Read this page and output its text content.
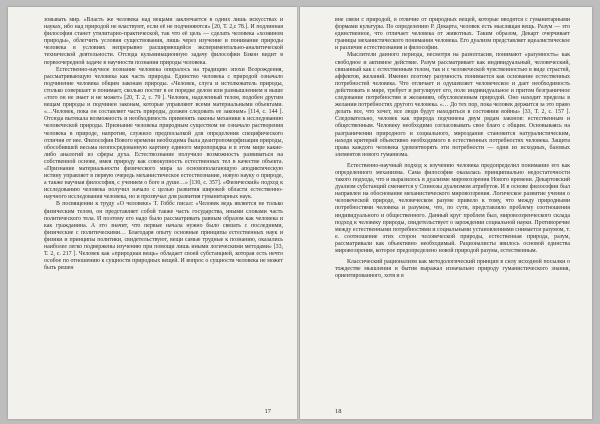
зовывать мир. «Власть же человека над вещами заключается в одних лишь искусствах и науках, ибо над природой не властвуют, если её не подчиняются» [20, Т. 2,с 78.]. И подлинная философия станет утилитарно-практической, так что её цель — сделать человека «хозяином природы», облегчить условия существования, лишь через изучение и понимание природы человека в условиях непрерывно расширяющейся экспериментально-аналитической технической деятельности. Отсюда кульминационную задачу философии Бэкон видит в первоочередной задаче в научности познания природы человека.

Естественно-научное познание человека опиралось на традицию эпохи Возрождения, рассматривающую человека как часть природы. Единство человека с природой означало подчинение человека общим законам природы. «Человек, слуга и истолкователь природы, столько совершает и понимает, сколько постиг в ее порядке делом или размышлением и выше «того он не знает и не может» [20, Т. 2, с. 79 ]. Человек, наделенный телом, подобен другим вещам природы и подчинен законам, которые управляют всеми материальными объектами. «…Человек, пока он составляет часть природы, должен следовать ее законам» [114, с. 144 ]. Отсюда вытекала возможность и необходимость применять законы механики к исследованию человеческой природы. Признание человека природным существом не означало растворения человека в природе, напротив, служило предпосылкой для определения специфического отличия от нее. Философия Нового времени необходима была деантропоморфизация природы, обособившей весьма неопосредованную картину единого миропорядка и в этом мире какие-либо аналогий из сферы духа. Естествознание получило возможность развиваться на собственной основе, имея природу как совокупность естественных тел в качестве объекта. «Признание материальности физического мира за основополагающую аподиктическую истину управляет в первую очередь механистическое естествознание, новую науку о природе, а также научная философия, с учением о боге и душе…» [130, с. 357]. «Физический» подход к исследованию человека получил начало с целью развития широкой области естественно-научного исследования человека, но и прозвучал для развития гуманитарных наук.

В посвящении к труду «О человеке» Т. Гоббс писал: «Человек ведь является не только физическим телом, он представляет собой также часть государства, иными словами часть политического тела. И поэтому его надо было рассматривать равным образом как человека и как гражданина. А это значит, что первые начала нужно было связать с последними, физические с политическими… Благодаря опыту основные принципы естественных наук и физики и принципы политики, свидетельствуют, вещи самые трудные к познанию, оказались наиболее легко подвержены изучению при помощи лишь иными логическими методами» [33, Т. 2, с. 217 ]. Человек как «природная вещь» обладает своей субстанцией, которая есть нечто особое по отношению к сущности природных вещей. И вопрос о сущности человека не может быть решен

17

вне связи с природой, в отличие от природных вещей, которые вводятся с гуманитарными формами культуры. По определению Р. Декарта, человек есть мыслящая вещь. Разум — это единственное, что отличает человека от животных. Таким образом, Декарт очерчивает границы механистического понимания человека. Его дуализм представляет идеалистическое и различие естествознания и философии.

Мыслители данного периода, несмотря на разногласия, понимают «разумность» как свободное и активное действие. Разум рассматривает как индивидуальный, человеческий, связанный как с естественным телом, так и с человеческой чувственностью в виде страстей, аффектов, желаний. Именно поэтому разумность понимается как основание естественных потребностей человека. Что отличает и одушевляет человеческое и дает необходимость действовать в мире, требует и регулирует его, поле индивидуальное и притом безграничное следование потребностям и желаниям, обусловленным природой. Оно находит пределы в желании потребностях другого человека. «… До тех пор, пока человек держится за это право делать все, что хочет, все люди будут находиться в состоянии войны» [33, Т. 2, с. 157 ]. Следовательно, человек как природа подчинена двум рядам законов: естественным и общественным. Человеку необходимо согласовывать свое благо с общим. Основываясь на разграничении природного и социального, мироздание становится натуралистическим, находя критерий объективно необходимого в естественных потребностях человека. Защита права каждого человека удовлетворять эти потребности — одни из исходных, базовых элементов нового гуманизма.

Естественно-научный подход к изучению человека предопределил понимание его как определенного механизма. Сама философия оказалась принципиально недостаточности такого подхода, что и выразилось в дуализме мировоззрения Нового времени. Декартовский дуализм субстанций сменяется у Спинозы дуализмом атрибутов. И в основе философии был направлен на обоснование механистического мировоззрения. Логическое развитие учения о человеческой природе, человеческом разуме привело к тому, что между природными потребностями человека и разумом, что, по сути, представляло проблему соотношения индивидуального и общественного. Данный круг проблем был, мировоззренческого склада подход к человеку природы, свидетельствует о зарождении социальной науки. Противоречие между естественными потребностями и социальными установлениями снимается разумом, т. е. соотношение этих сторон человеческой природы, естественная природа, разум, рассматривали как объективно необходимый. Рационалисты явилось основой единства мировоззрения, которое предопределено новой природой разума, естественным.

Классический рационализм как методологический принцип в силу исходной посылки о тождестве мышления и бытия выражал изначально природу гуманистического знания, ориентированного, хотя и в

18
